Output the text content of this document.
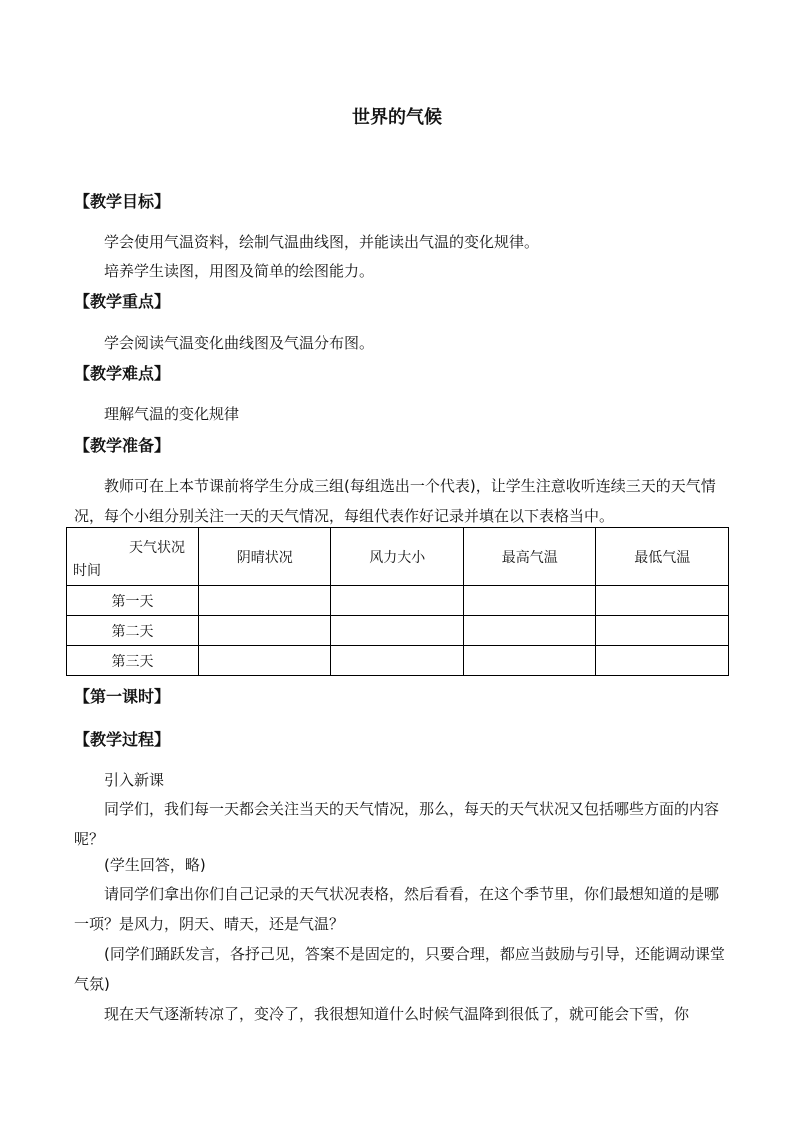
世界的气候
【教学目标】
学会使用气温资料，绘制气温曲线图，并能读出气温的变化规律。
培养学生读图，用图及简单的绘图能力。
【教学重点】
学会阅读气温变化曲线图及气温分布图。
【教学难点】
理解气温的变化规律
【教学准备】

教师可在上本节课前将学生分成三组(每组选出一个代表)，让学生注意收听连续三天的天气情况，每个小组分别关注一天的天气情况，每组代表作好记录并填在以下表格当中。

天气状况
时间	阴晴状况	风力大小	最高气温	最低气温
第一天				
第二天				
第三天				
【第一课时】
【教学过程】
引入新课

同学们，我们每一天都会关注当天的天气情况，那么，每天的天气状况又包括哪些方面的内容呢？

(学生回答，略)

请同学们拿出你们自己记录的天气状况表格，然后看看，在这个季节里，你们最想知道的是哪一项？是风力，阴天、晴天，还是气温？

(同学们踊跃发言，各抒己见，答案不是固定的，只要合理，都应当鼓励与引导，还能调动课堂气氛)

现在天气逐渐转凉了，变冷了，我很想知道什么时候气温降到很低了，就可能会下雪，你
